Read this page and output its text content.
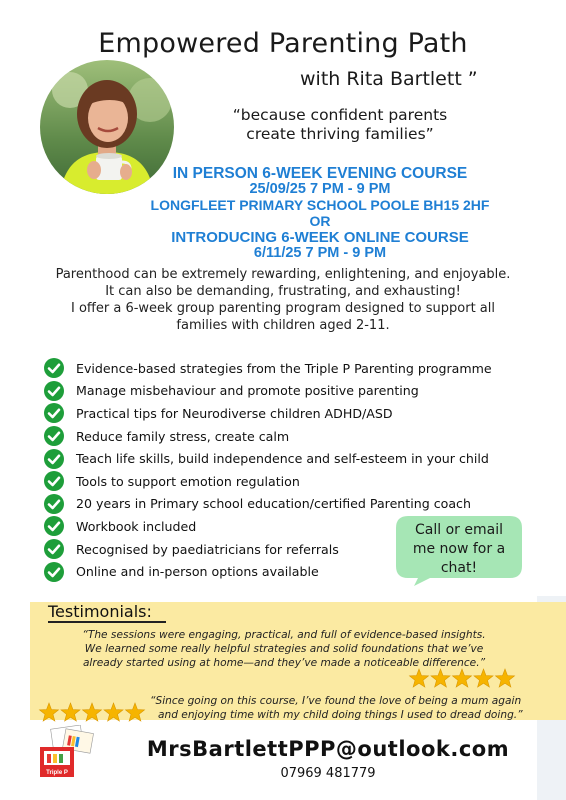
Empowered Parenting Path
with Rita Bartlett ”
“because confident parents
create thriving families”
IN PERSON 6-WEEK EVENING COURSE
25/09/25 7 PM - 9 PM
LONGFLEET PRIMARY SCHOOL POOLE BH15 2HF
OR
INTRODUCING 6-WEEK ONLINE COURSE
6/11/25 7 PM - 9 PM
Parenthood can be extremely rewarding, enlightening, and enjoyable.
It can also be demanding, frustrating, and exhausting!
I offer a 6-week group parenting program designed to support all
families with children aged 2-11.
Evidence-based strategies from the Triple P Parenting programme
Manage misbehaviour and promote positive parenting
Practical tips for Neurodiverse children ADHD/ASD
Reduce family stress, create calm
Teach life skills, build independence and self-esteem in your child
Tools to support emotion regulation
20 years in Primary school education/certified Parenting coach
Workbook included
Recognised by paediatricians for referrals
Online and in-person options available
Call or email
me now for a
chat!
Testimonials:
“The sessions were engaging, practical, and full of evidence-based insights.
We learned some really helpful strategies and solid foundations that we’ve
already started using at home—and they’ve made a noticeable difference.”
“Since going on this course, I’ve found the love of being a mum again
and enjoying time with my child doing things I used to dread doing.”
Triple P
MrsBartlettPPP@outlook.com
07969 481779
